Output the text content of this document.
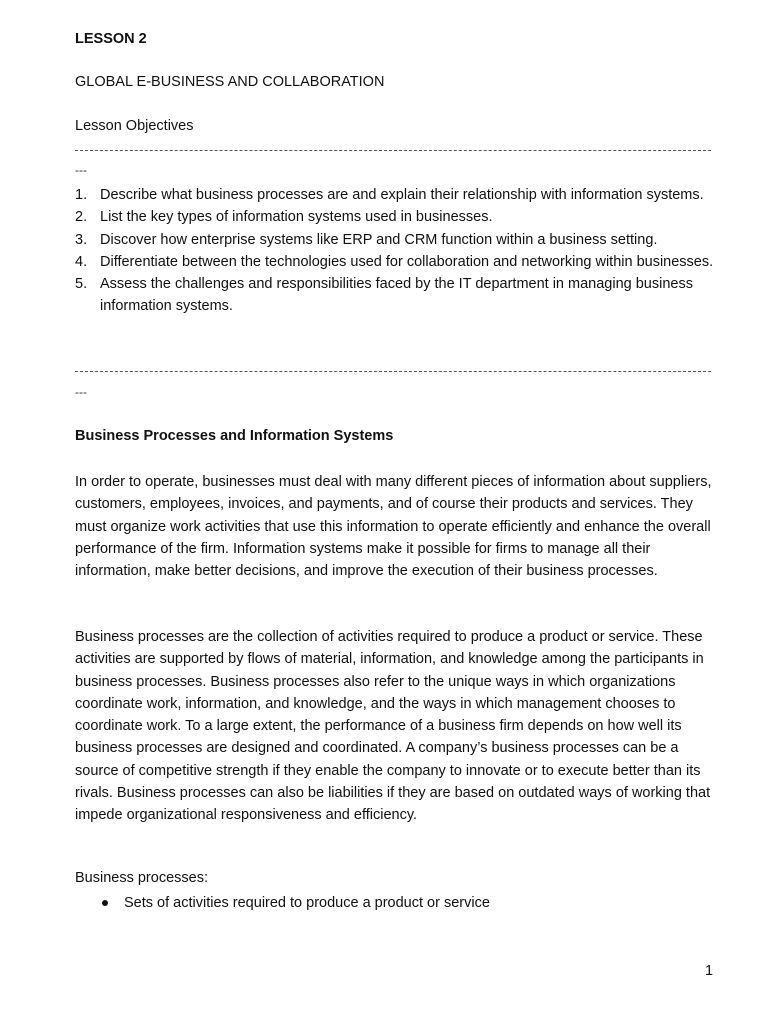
LESSON 2
GLOBAL E-BUSINESS AND COLLABORATION
Lesson Objectives
---
1. Describe what business processes are and explain their relationship with information systems.
2. List the key types of information systems used in businesses.
3. Discover how enterprise systems like ERP and CRM function within a business setting.
4. Differentiate between the technologies used for collaboration and networking within businesses.
5. Assess the challenges and responsibilities faced by the IT department in managing business information systems.
---
Business Processes and Information Systems

In order to operate, businesses must deal with many different pieces of information about suppliers, customers, employees, invoices, and payments, and of course their products and services. They must organize work activities that use this information to operate efficiently and enhance the overall performance of the firm. Information systems make it possible for firms to manage all their information, make better decisions, and improve the execution of their business processes.

Business processes are the collection of activities required to produce a product or service. These activities are supported by flows of material, information, and knowledge among the participants in business processes. Business processes also refer to the unique ways in which organizations coordinate work, information, and knowledge, and the ways in which management chooses to coordinate work. To a large extent, the performance of a business firm depends on how well its business processes are designed and coordinated. A company’s business processes can be a source of competitive strength if they enable the company to innovate or to execute better than its rivals. Business processes can also be liabilities if they are based on outdated ways of working that impede organizational responsiveness and efficiency.

Business processes:
Sets of activities required to produce a product or service
1
